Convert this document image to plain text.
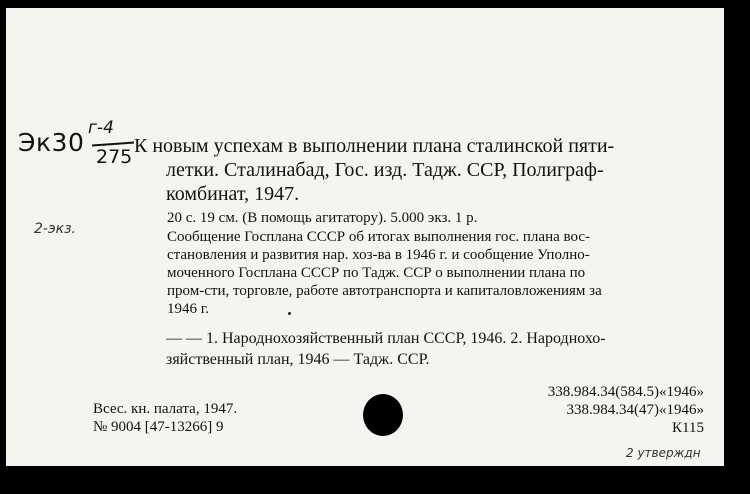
Эк30 г-4
275 К новым успехам в выполнении плана сталинской пяти-
летки. Сталинабад, Гос. изд. Тадж. ССР, Полиграф-
комбинат, 1947.
20 с. 19 см. (В помощь агитатору). 5.000 экз. 1 р.
2-экз.	Сообщение Госплана СССР об итогах выполнения гос. плана вос-
становления и развития нар. хоз-ва в 1946 г. и сообщение Уполно-
моченного Госплана СССР по Тадж. ССР о выполнении плана по
пром-сти, торговле, работе автотранспорта и капиталовложениям за
1946 г.
— — 1. Народнохозяйственный план СССР, 1946. 2. Народнохо-
зяйственный план, 1946 — Тадж. ССР.
Всес. кн. палата, 1947.
№ 9004 [47-13266] 9
338.984.34(584.5)«1946»
338.984.34(47)«1946»
К115
2 утверждн
